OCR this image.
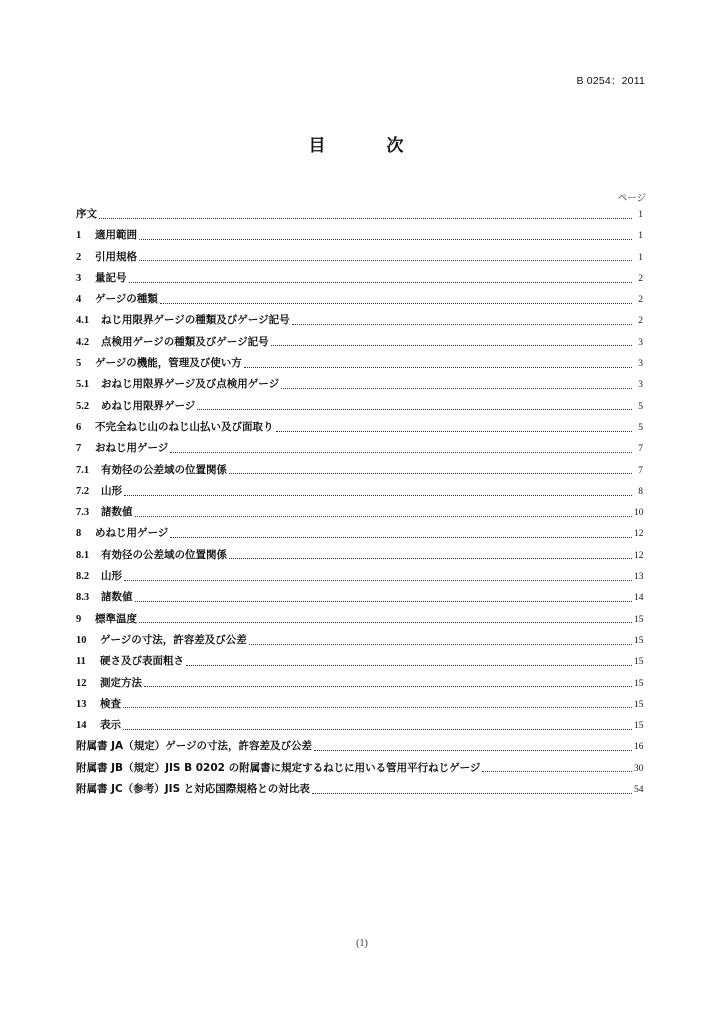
B 0254：2011
目　次
ページ
序文	1
1	適用範囲	1
2	引用規格	1
3	量記号	2
4	ゲージの種類	2
4.1	ねじ用限界ゲージの種類及びゲージ記号	2
4.2	点検用ゲージの種類及びゲージ記号	3
5	ゲージの機能，管理及び使い方	3
5.1	おねじ用限界ゲージ及び点検用ゲージ	3
5.2	めねじ用限界ゲージ	5
6	不完全ねじ山のねじ山払い及び面取り	5
7	おねじ用ゲージ	7
7.1	有効径の公差域の位置関係	7
7.2	山形	8
7.3	諸数値	10
8	めねじ用ゲージ	12
8.1	有効径の公差域の位置関係	12
8.2	山形	13
8.3	諸数値	14
9	標準温度	15
10	ゲージの寸法，許容差及び公差	15
11	硬さ及び表面粗さ	15
12	測定方法	15
13	検査	15
14	表示	15
附属書 JA（規定）ゲージの寸法，許容差及び公差	16
附属書 JB（規定）JIS B 0202 の附属書に規定するねじに用いる管用平行ねじゲージ	30
附属書 JC（参考）JIS と対応国際規格との対比表	54
(1)
